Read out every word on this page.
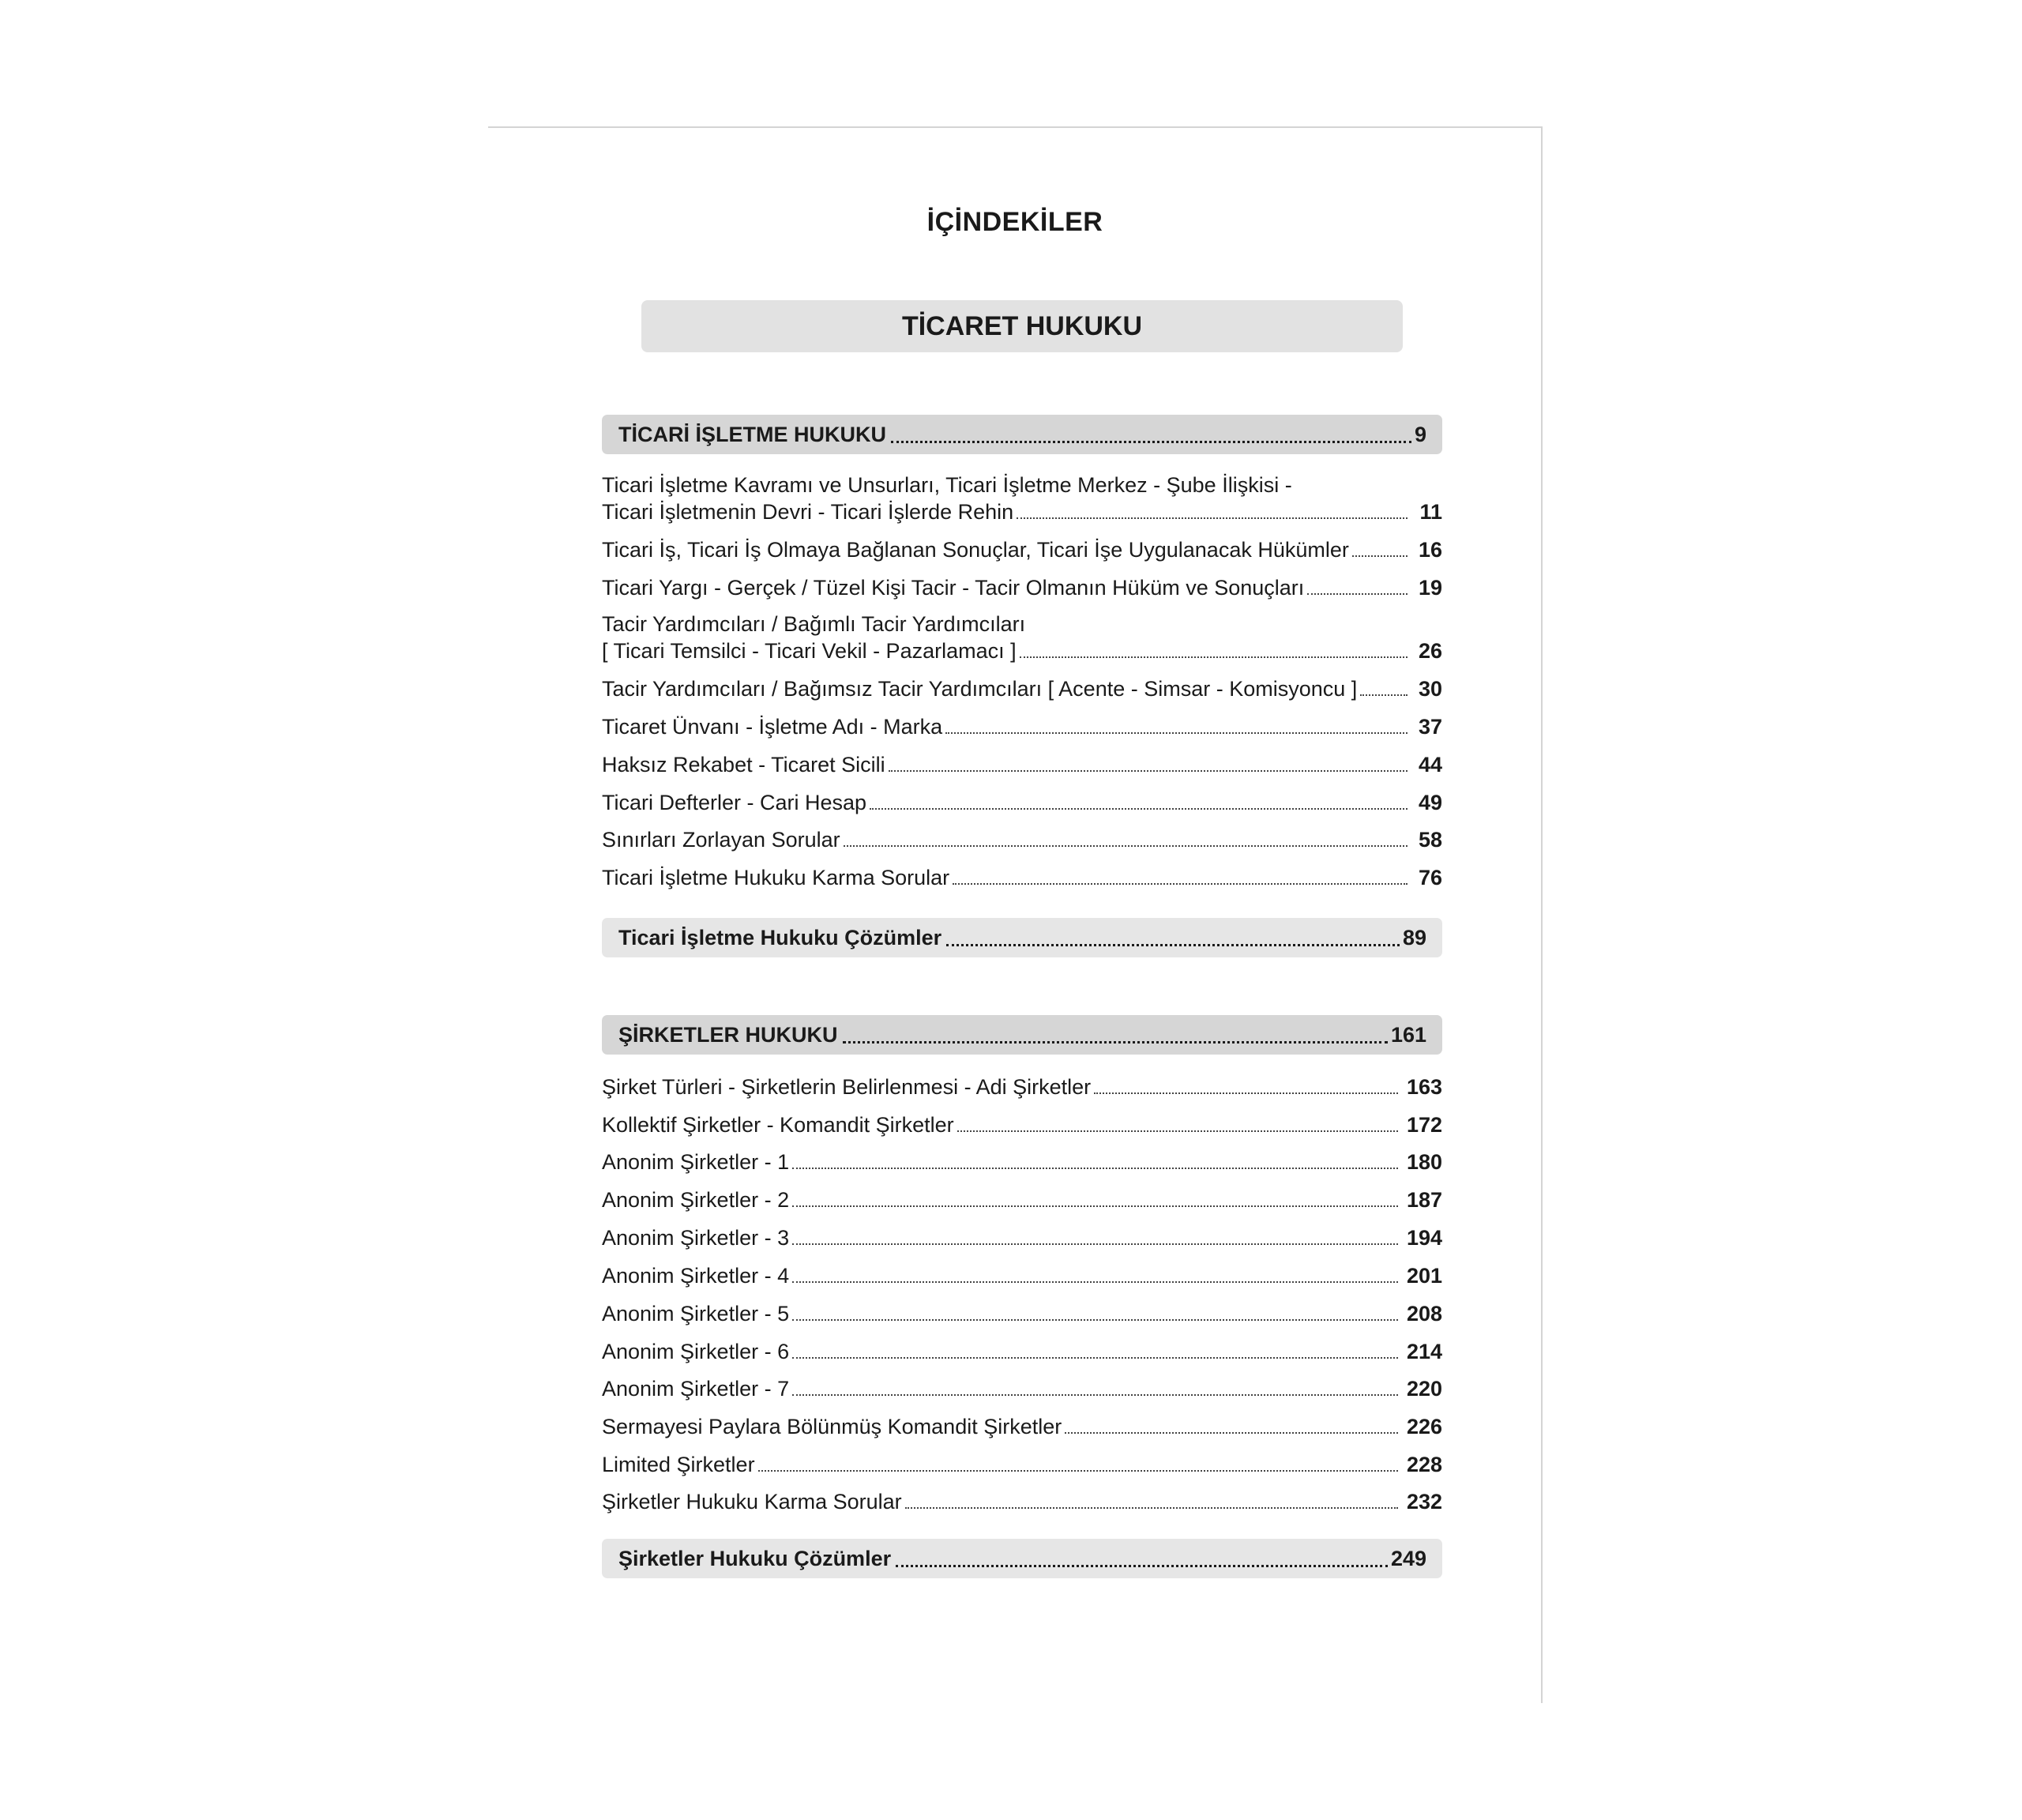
İÇİNDEKİLER
TİCARET HUKUKU
TİCARİ İŞLETME HUKUKU	9
Ticari İşletme Kavramı ve Unsurları, Ticari İşletme Merkez - Şube İlişkisi -
Ticari İşletmenin Devri - Ticari İşlerde Rehin	11
Ticari İş, Ticari İş Olmaya Bağlanan Sonuçlar, Ticari İşe Uygulanacak Hükümler	16
Ticari Yargı - Gerçek / Tüzel Kişi Tacir - Tacir Olmanın Hüküm ve Sonuçları	19
Tacir Yardımcıları / Bağımlı Tacir Yardımcıları
[ Ticari Temsilci - Ticari Vekil - Pazarlamacı ]	26
Tacir Yardımcıları / Bağımsız Tacir Yardımcıları [ Acente - Simsar - Komisyoncu ]	30
Ticaret Ünvanı - İşletme Adı - Marka	37
Haksız Rekabet - Ticaret Sicili	44
Ticari Defterler - Cari Hesap	49
Sınırları Zorlayan Sorular	58
Ticari İşletme Hukuku Karma Sorular	76
Ticari İşletme Hukuku Çözümler	89
ŞİRKETLER HUKUKU	161
Şirket Türleri - Şirketlerin Belirlenmesi - Adi Şirketler	163
Kollektif Şirketler - Komandit Şirketler	172
Anonim Şirketler - 1	180
Anonim Şirketler - 2	187
Anonim Şirketler - 3	194
Anonim Şirketler - 4	201
Anonim Şirketler - 5	208
Anonim Şirketler - 6	214
Anonim Şirketler - 7	220
Sermayesi Paylara Bölünmüş Komandit Şirketler	226
Limited Şirketler	228
Şirketler Hukuku Karma Sorular	232
Şirketler Hukuku Çözümler	249
